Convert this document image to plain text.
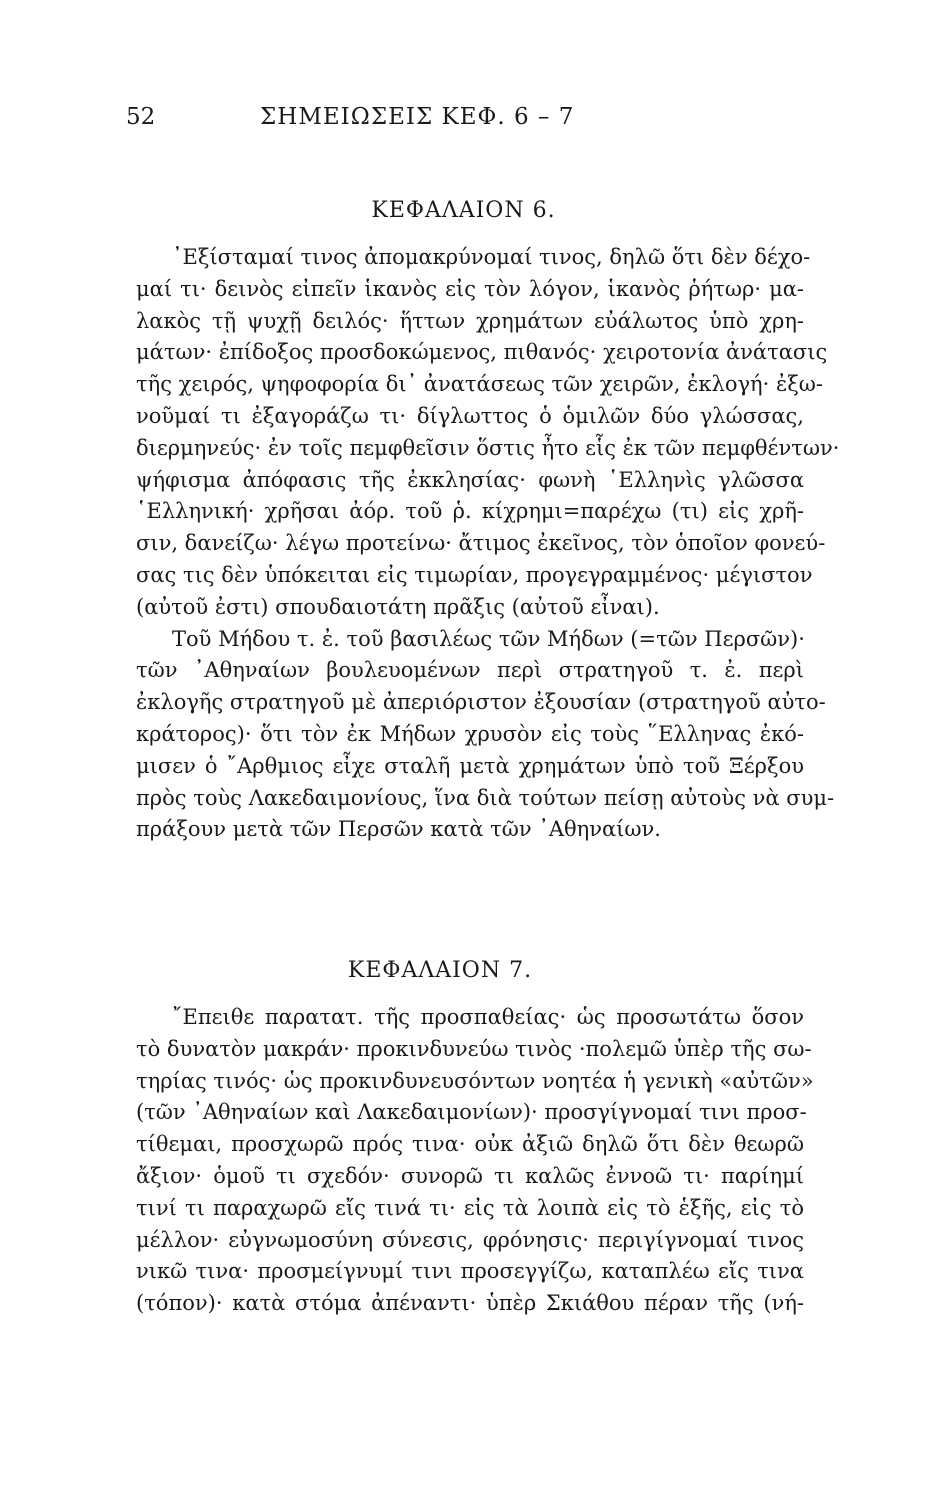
52	ΣΗΜΕΙΩΣΕΙΣ ΚΕΦ. 6 – 7
ΚΕΦΑΛΑΙΟΝ 6.
᾿Εξίσταμαί τινος ἀπομακρύνομαί τινος, δηλῶ ὅτι δὲν δέχο-
μαί τι· δεινὸς εἰπεῖν ἱκανὸς εἰς τὸν λόγον, ἱκανὸς ῥήτωρ· μα-
λακὸς τῇ ψυχῇ δειλός· ἥττων χρημάτων εὐάλωτος ὑπὸ χρη-
μάτων· ἐπίδοξος προσδοκώμενος, πιθανός· χειροτονία ἀνάτασις
τῆς χειρός, ψηφοφορία δι᾿ ἀνατάσεως τῶν χειρῶν, ἐκλογή· ἐξω-
νοῦμαί τι ἐξαγοράζω τι· δίγλωττος ὁ ὁμιλῶν δύο γλώσσας,
διερμηνεύς· ἐν τοῖς πεμφθεῖσιν ὅστις ἦτο εἷς ἐκ τῶν πεμφθέντων·
ψήφισμα ἀπόφασις τῆς ἐκκλησίας· φωνὴ ῾Ελληνὶς γλῶσσα
῾Ελληνική· χρῆσαι ἀόρ. τοῦ ῥ. κίχρημι=παρέχω (τι) εἰς χρῆ-
σιν, δανείζω· λέγω προτείνω· ἄτιμος ἐκεῖνος, τὸν ὁποῖον φονεύ-
σας τις δὲν ὑπόκειται εἰς τιμωρίαν, προγεγραμμένος· μέγιστον
(αὐτοῦ ἐστι) σπουδαιοτάτη πρᾶξις (αὐτοῦ εἶναι).
Τοῦ Μήδου τ. ἐ. τοῦ βασιλέως τῶν Μήδων (=τῶν Περσῶν)·
τῶν ᾿Αθηναίων βουλευομένων περὶ στρατηγοῦ τ. ἐ. περὶ
ἐκλογῆς στρατηγοῦ μὲ ἀπεριόριστον ἐξουσίαν (στρατηγοῦ αὐτο-
κράτορος)· ὅτι τὸν ἐκ Μήδων χρυσὸν εἰς τοὺς ῞Ελληνας ἐκό-
μισεν ὁ ῎Αρθμιος εἶχε σταλῆ μετὰ χρημάτων ὑπὸ τοῦ Ξέρξου
πρὸς τοὺς Λακεδαιμονίους, ἵνα διὰ τούτων πείσῃ αὐτοὺς νὰ συμ-
πράξουν μετὰ τῶν Περσῶν κατὰ τῶν ᾿Αθηναίων.
ΚΕΦΑΛΑΙΟΝ 7.
῎Επειθε παρατατ. τῆς προσπαθείας· ὡς προσωτάτω ὅσον
τὸ δυνατὸν μακράν· προκινδυνεύω τινὸς ·πολεμῶ ὑπὲρ τῆς σω-
τηρίας τινός· ὡς προκινδυνευσόντων νοητέα ἡ γενικὴ «αὐτῶν»
(τῶν ᾿Αθηναίων καὶ Λακεδαιμονίων)· προσγίγνομαί τινι προσ-
τίθεμαι, προσχωρῶ πρός τινα· οὐκ ἀξιῶ δηλῶ ὅτι δὲν θεωρῶ
ἄξιον· ὁμοῦ τι σχεδόν· συνορῶ τι καλῶς ἐννοῶ τι· παρίημί
τινί τι παραχωρῶ εἴς τινά τι· εἰς τὰ λοιπὰ εἰς τὸ ἑξῆς, εἰς τὸ
μέλλον· εὐγνωμοσύνη σύνεσις, φρόνησις· περιγίγνομαί τινος
νικῶ τινα· προσμείγνυμί τινι προσεγγίζω, καταπλέω εἴς τινα
(τόπον)· κατὰ στόμα ἀπέναντι· ὑπὲρ Σκιάθου πέραν τῆς (νή-
